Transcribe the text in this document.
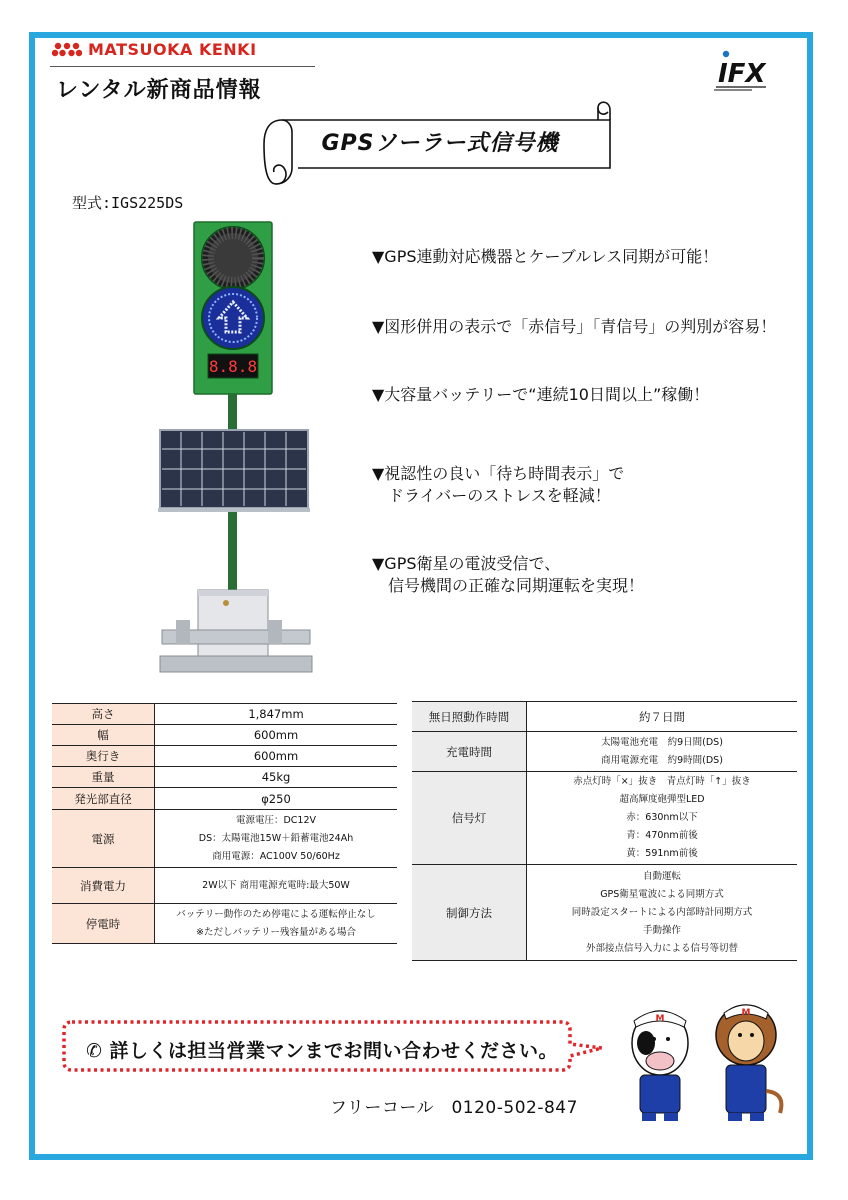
MATSUOKA KENKI
レンタル新商品情報
IFX
GPSソーラー式信号機
型式:IGS225DS
8.8.8
▼GPS連動対応機器とケーブルレス同期が可能！
▼図形併用の表示で「赤信号」「青信号」の判別が容易！
▼大容量バッテリーで“連続10日間以上”稼働！
▼視認性の良い「待ち時間表示」で
　ドライバーのストレスを軽減！
▼GPS衛星の電波受信で、
　信号機間の正確な同期運転を実現！
高さ	1,847mm
幅	600mm
奥行き	600mm
重量	45kg
発光部直径	φ250
電源	電源電圧：DC12V
DS：太陽電池15W＋鉛蓄電池24Ah
商用電源：AC100V 50/60Hz

消費電力	2W以下 商用電源充電時:最大50W
停電時	バッテリー動作のため停電による運転停止なし
※ただしバッテリー残容量がある場合
無日照動作時間	約７日間
充電時間	太陽電池充電　約9日間(DS)
商用電源充電　約9時間(DS)

信号灯	赤点灯時「×」抜き　青点灯時「↑」抜き
超高輝度砲弾型LED
赤：630nm以下
青：470nm前後
黄：591nm前後

制御方法	自動運転
GPS衛星電波による同期方式
同時設定スタートによる内部時計同期方式
手動操作
外部接点信号入力による信号等切替
✆ 詳しくは担当営業マンまでお問い合わせください。
フリーコール　0120-502-847
M
M
